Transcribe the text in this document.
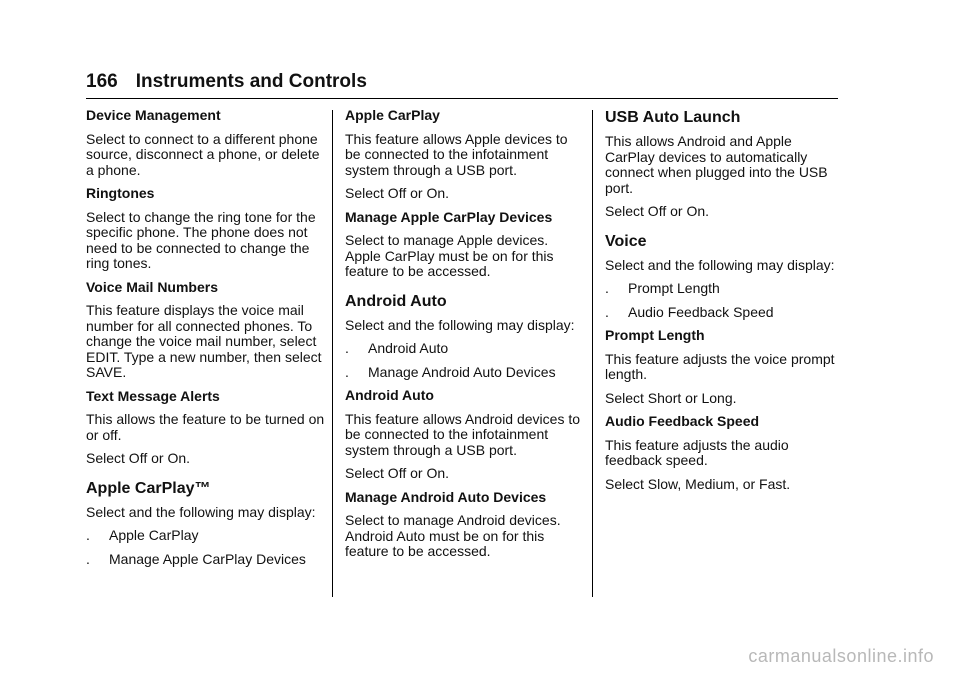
166 Instruments and Controls
Device Management
Select to connect to a different phone source, disconnect a phone, or delete a phone.
Ringtones
Select to change the ring tone for the specific phone. The phone does not need to be connected to change the ring tones.
Voice Mail Numbers
This feature displays the voice mail number for all connected phones. To change the voice mail number, select EDIT. Type a new number, then select SAVE.
Text Message Alerts
This allows the feature to be turned on or off.
Select Off or On.
Apple CarPlay™
Select and the following may display:
.	Apple CarPlay
.	Manage Apple CarPlay Devices
Apple CarPlay
This feature allows Apple devices to be connected to the infotainment system through a USB port.
Select Off or On.
Manage Apple CarPlay Devices
Select to manage Apple devices. Apple CarPlay must be on for this feature to be accessed.
Android Auto
Select and the following may display:
.	Android Auto
.	Manage Android Auto Devices
Android Auto
This feature allows Android devices to be connected to the infotainment system through a USB port.
Select Off or On.
Manage Android Auto Devices
Select to manage Android devices. Android Auto must be on for this feature to be accessed.
USB Auto Launch
This allows Android and Apple CarPlay devices to automatically connect when plugged into the USB port.
Select Off or On.
Voice
Select and the following may display:
.	Prompt Length
.	Audio Feedback Speed
Prompt Length
This feature adjusts the voice prompt length.
Select Short or Long.
Audio Feedback Speed
This feature adjusts the audio feedback speed.
Select Slow, Medium, or Fast.
carmanualsonline.info
